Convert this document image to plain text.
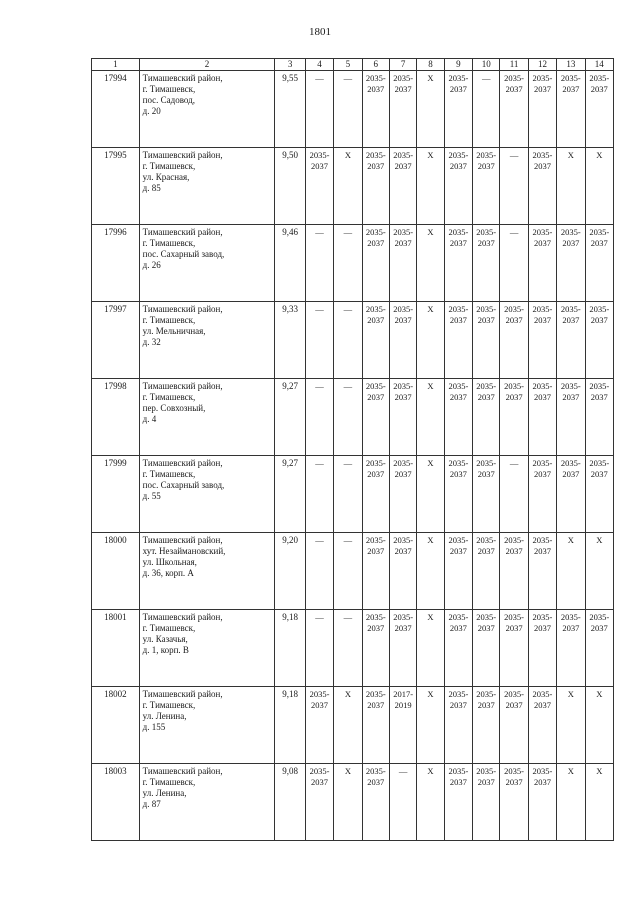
1801
1	2	3	4	5	6	7	8	9	10	11	12	13	14
17994	Тимашевский район,
г. Тимашевск,
пос. Садовод,
д. 20	9,55	—	—	2035-2037	2035-2037	X	2035-2037	—	2035-2037	2035-2037	2035-2037	2035-2037
17995	Тимашевский район,
г. Тимашевск,
ул. Красная,
д. 85	9,50	2035-2037	X	2035-2037	2035-2037	X	2035-2037	2035-2037	—	2035-2037	X	X
17996	Тимашевский район,
г. Тимашевск,
пос. Сахарный завод,
д. 26	9,46	—	—	2035-2037	2035-2037	X	2035-2037	2035-2037	—	2035-2037	2035-2037	2035-2037
17997	Тимашевский район,
г. Тимашевск,
ул. Мельничная,
д. 32	9,33	—	—	2035-2037	2035-2037	X	2035-2037	2035-2037	2035-2037	2035-2037	2035-2037	2035-2037
17998	Тимашевский район,
г. Тимашевск,
пер. Совхозный,
д. 4	9,27	—	—	2035-2037	2035-2037	X	2035-2037	2035-2037	2035-2037	2035-2037	2035-2037	2035-2037
17999	Тимашевский район,
г. Тимашевск,
пос. Сахарный завод,
д. 55	9,27	—	—	2035-2037	2035-2037	X	2035-2037	2035-2037	—	2035-2037	2035-2037	2035-2037
18000	Тимашевский район,
хут. Незаймановский,
ул. Школьная,
д. 36, корп. А	9,20	—	—	2035-2037	2035-2037	X	2035-2037	2035-2037	2035-2037	2035-2037	X	X
18001	Тимашевский район,
г. Тимашевск,
ул. Казачья,
д. 1, корп. В	9,18	—	—	2035-2037	2035-2037	X	2035-2037	2035-2037	2035-2037	2035-2037	2035-2037	2035-2037
18002	Тимашевский район,
г. Тимашевск,
ул. Ленина,
д. 155	9,18	2035-2037	X	2035-2037	2017-2019	X	2035-2037	2035-2037	2035-2037	2035-2037	X	X
18003	Тимашевский район,
г. Тимашевск,
ул. Ленина,
д. 87	9,08	2035-2037	X	2035-2037	—	X	2035-2037	2035-2037	2035-2037	2035-2037	X	X
